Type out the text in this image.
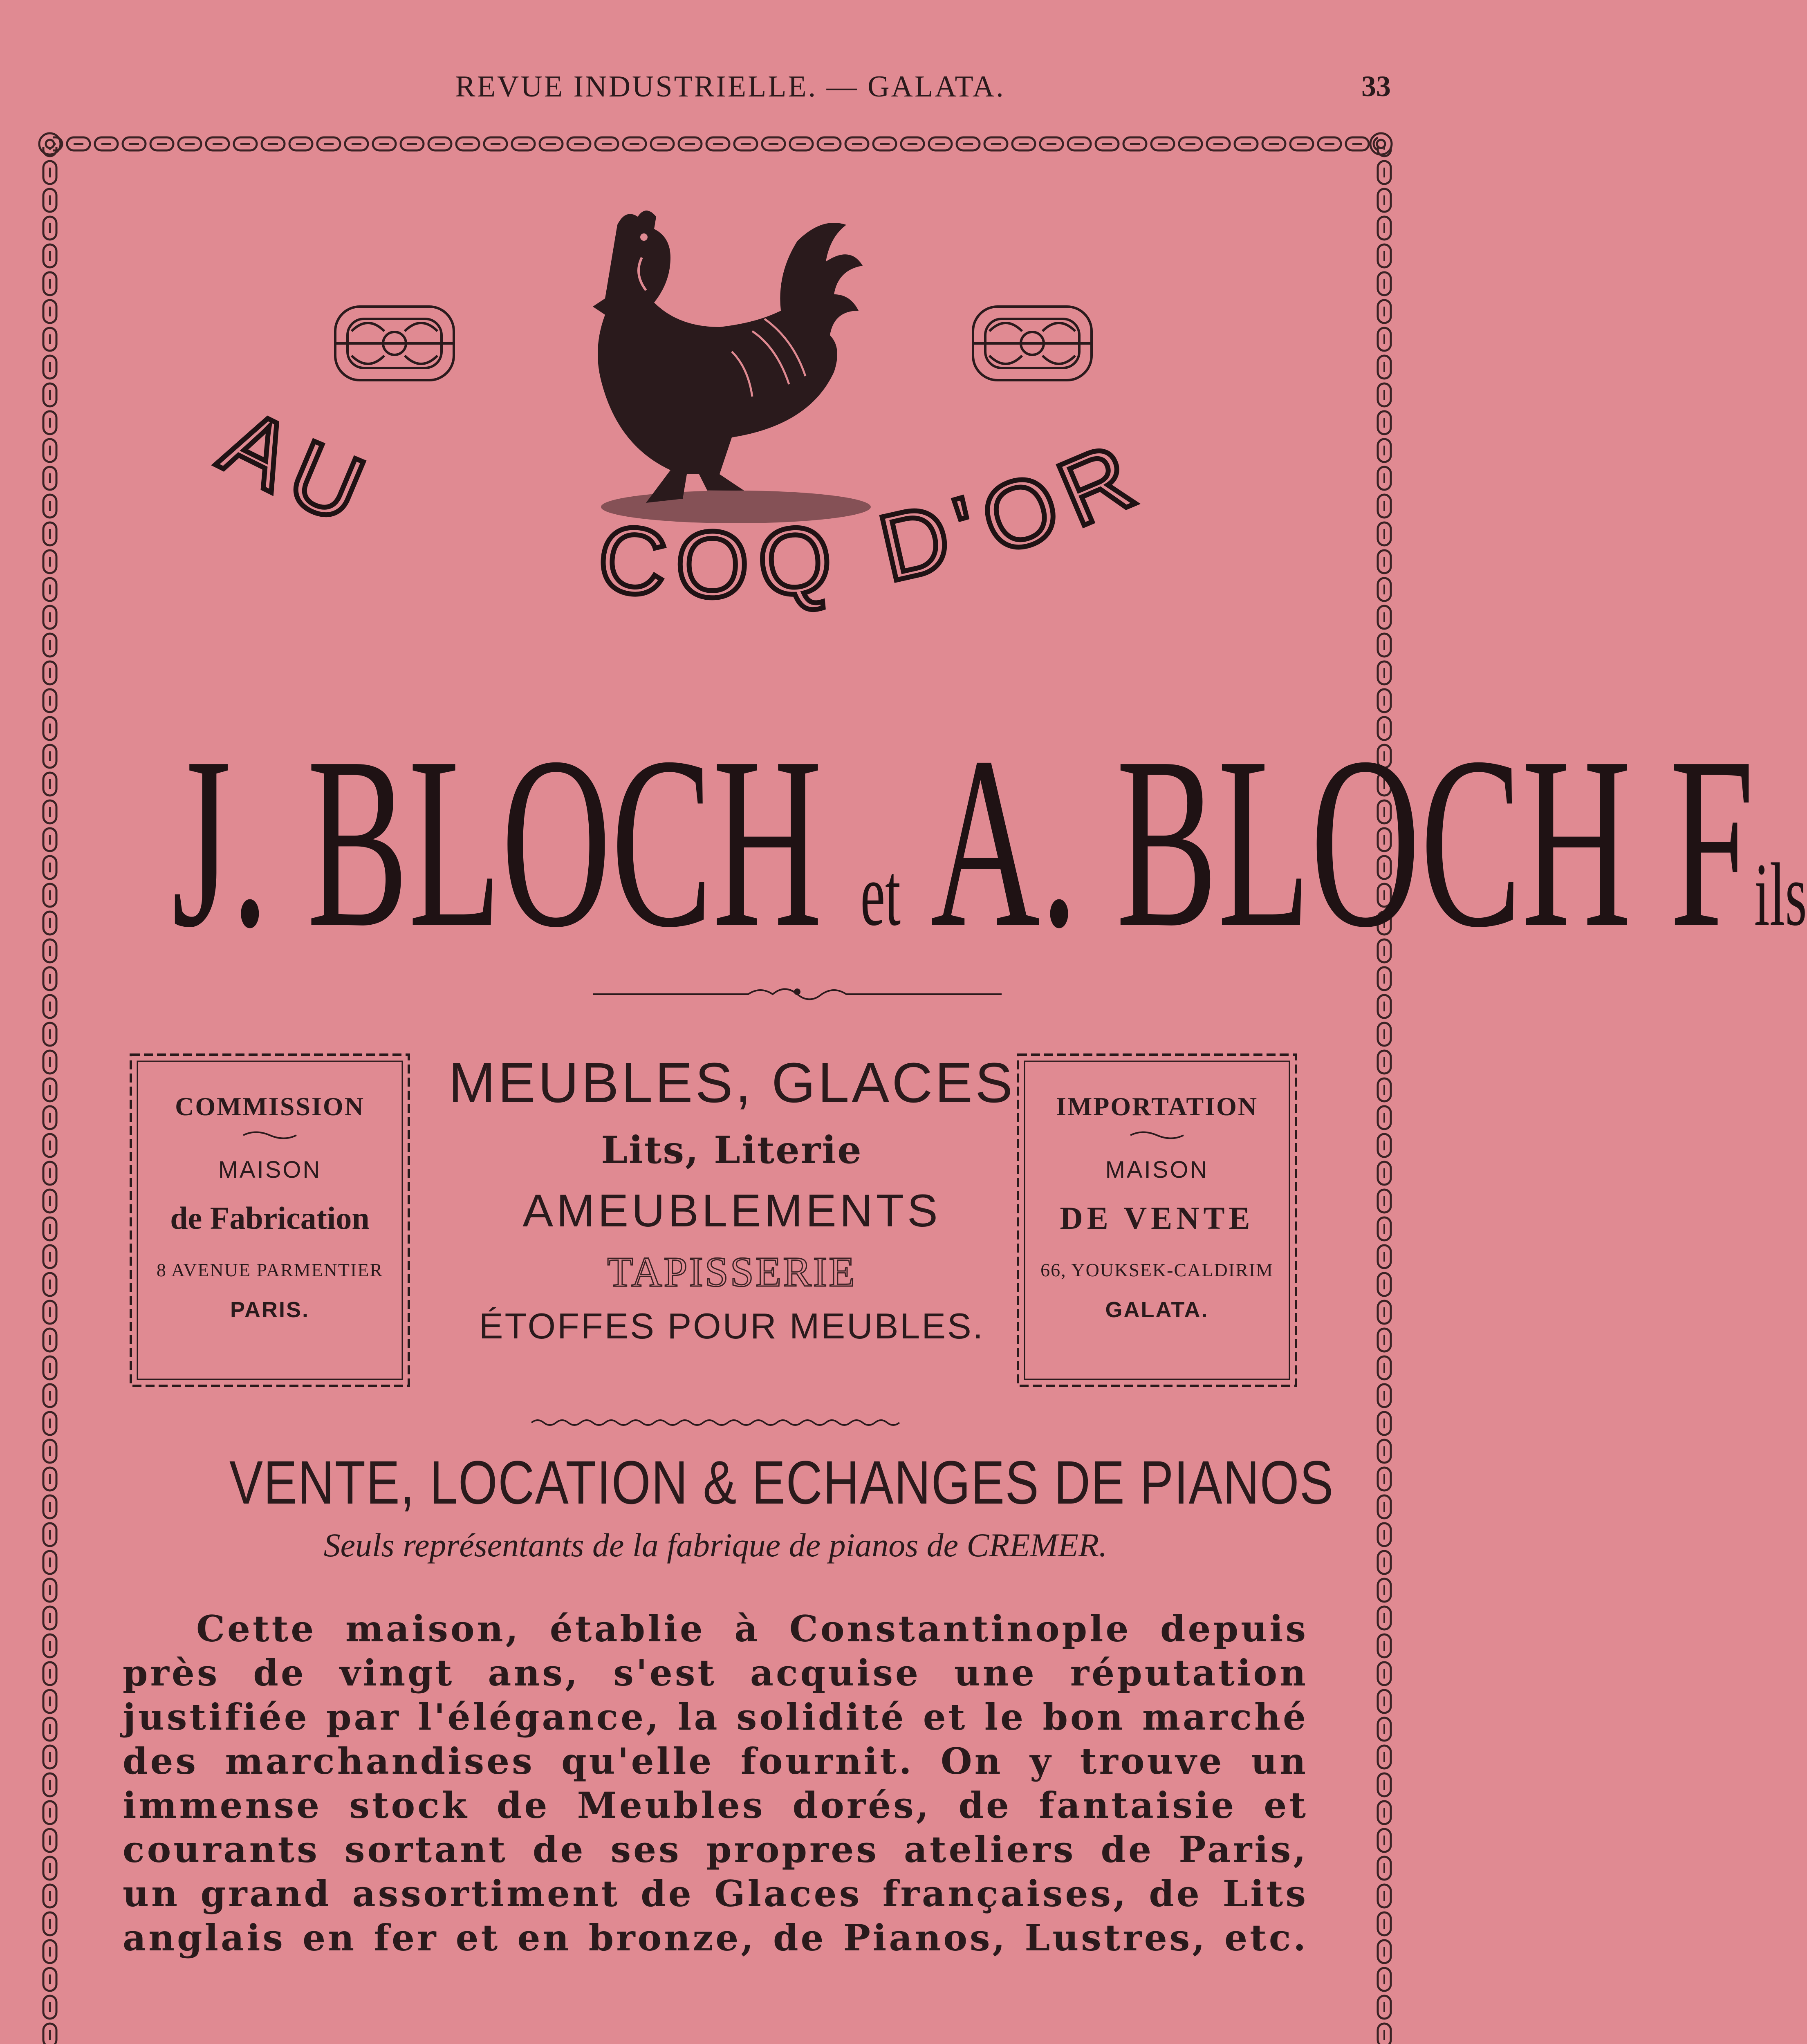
REVUE INDUSTRIELLE. — GALATA.	33
AU
COQ D'OR
J. BLOCH et A. BLOCH Fils
COMMISSION
MAISON
de Fabrication
8 AVENUE PARMENTIER
PARIS.
MEUBLES, GLACES
Lits, Literie
AMEUBLEMENTS
TAPISSERIE
ÉTOFFES POUR MEUBLES.
IMPORTATION
MAISON
DE VENTE
66, YOUKSEK-CALDIRIM
GALATA.
VENTE, LOCATION & ECHANGES DE PIANOS
Seuls représentants de la fabrique de pianos de CREMER.
Cette maison, établie à Constantinople depuis près de vingt ans, s'est acquise une réputation justifiée par l'élégance, la solidité et le bon marché des marchandises qu'elle fournit. On y trouve un immense stock de Meubles dorés, de fantaisie et courants sortant de ses propres ateliers de Paris, un grand assortiment de Glaces françaises, de Lits anglais en fer et en bronze, de Pianos, Lustres, etc.
